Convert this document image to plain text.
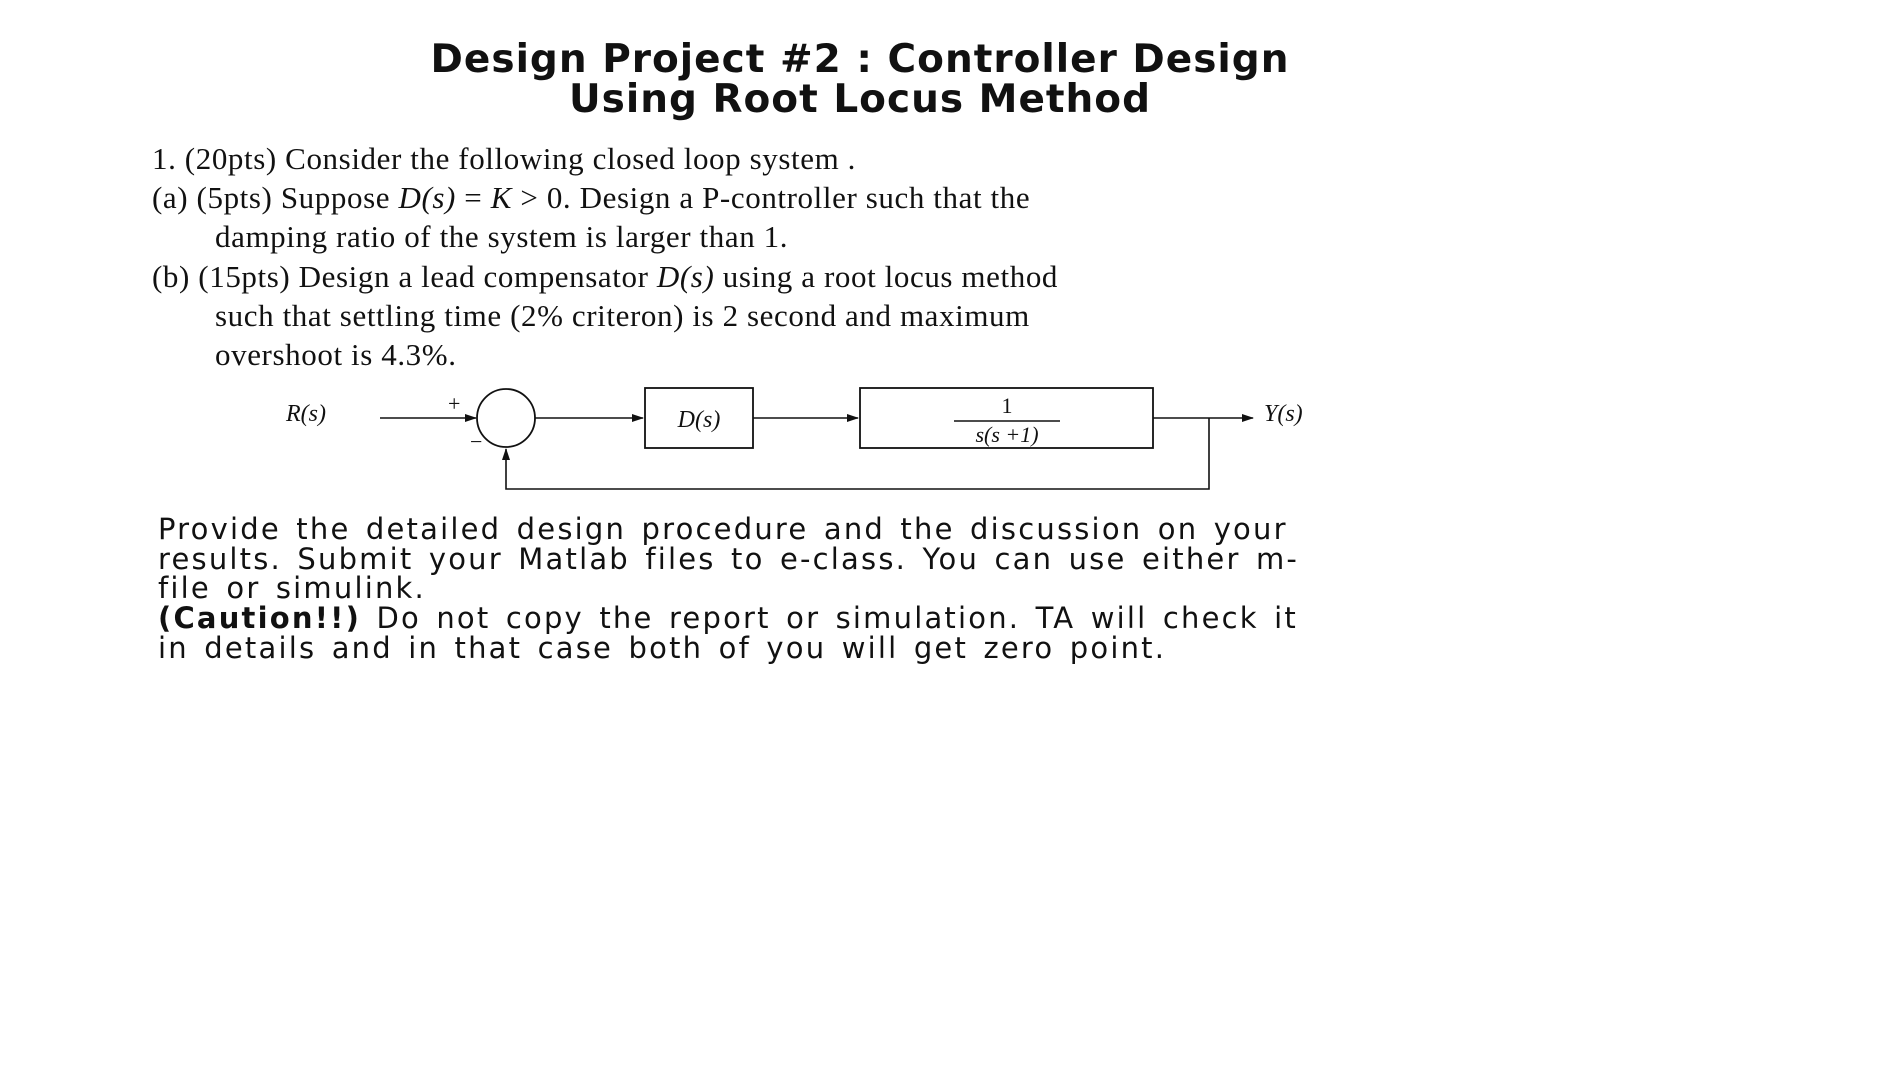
Design Project #2 : Controller Design
Using Root Locus Method

1. (20pts) Consider the following closed loop system .

(a) (5pts) Suppose D(s) = K > 0. Design a P-controller such that the

damping ratio of the system is larger than 1.

(b) (15pts) Design a lead compensator D(s) using a root locus method

such that settling time (2% criteron) is 2 second and maximum

overshoot is 4.3%.

R(s)	+
−
D(s)
1
s(s +1)
Y(s)

Provide the detailed design procedure and the discussion on your

results. Submit your Matlab files to e-class. You can use either m-

file or simulink.

(Caution!!) Do not copy the report or simulation. TA will check it

in details and in that case both of you will get zero point.
